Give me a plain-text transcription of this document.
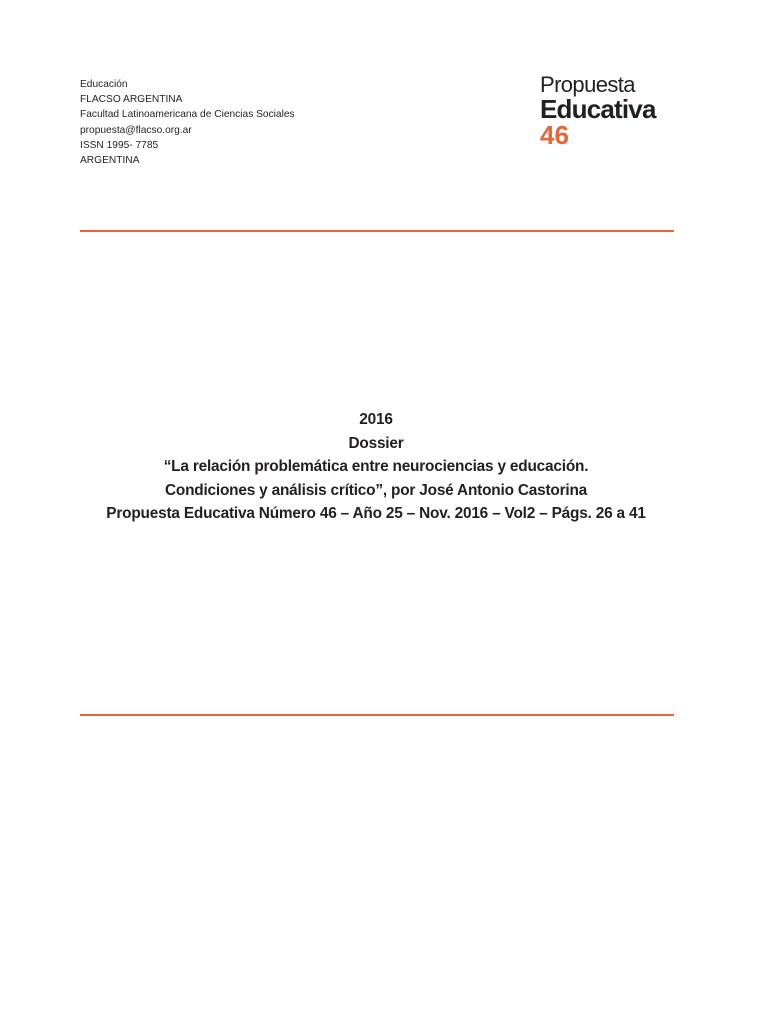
Educación
FLACSO ARGENTINA
Facultad Latinoamericana de Ciencias Sociales
propuesta@flacso.org.ar
ISSN 1995- 7785
ARGENTINA
Propuesta
Educativa
46
2016
Dossier
“La relación problemática entre neurociencias y educación.
Condiciones y análisis crítico”, por José Antonio Castorina
Propuesta Educativa Número 46 – Año 25 – Nov. 2016 – Vol2 – Págs. 26 a 41
